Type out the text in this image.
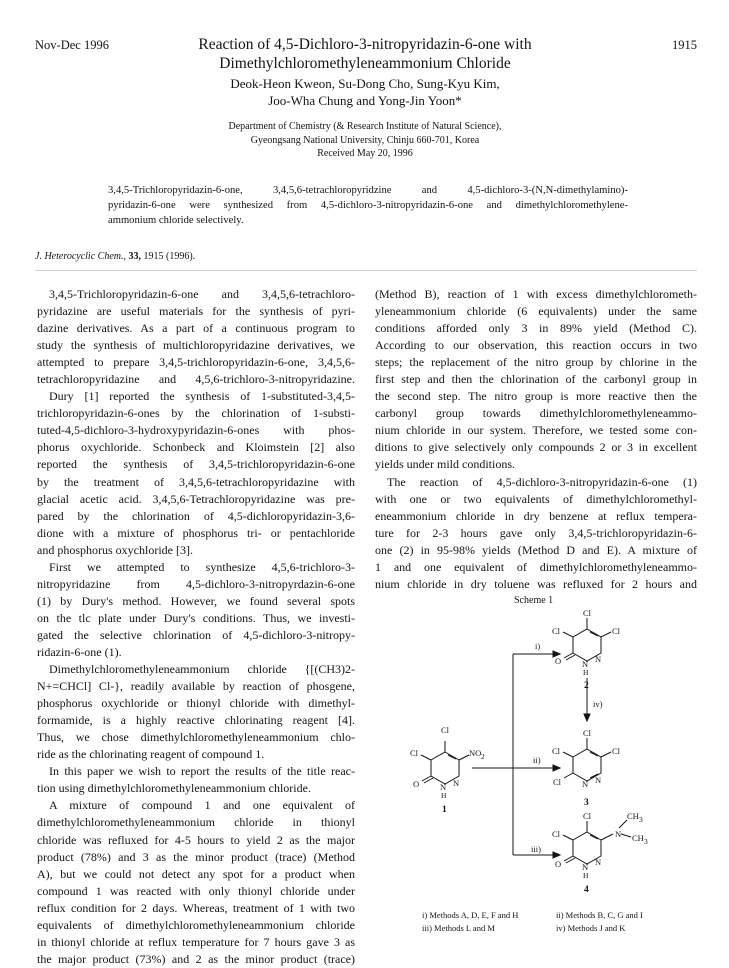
Nov-Dec 1996	1915
Reaction of 4,5-Dichloro-3-nitropyridazin-6-one with
Dimethylchloromethyleneammonium Chloride
Deok-Heon Kweon, Su-Dong Cho, Sung-Kyu Kim,
Joo-Wha Chung and Yong-Jin Yoon*
Department of Chemistry (& Research Institute of Natural Science),
Gyeongsang National University, Chinju 660-701, Korea
Received May 20, 1996
3,4,5-Trichloropyridazin-6-one, 3,4,5,6-tetrachloropyridzine and 4,5-dichloro-3-(N,N-dimethylamino)-
pyridazin-6-one were synthesized from 4,5-dichloro-3-nitropyridazin-6-one and dimethylchloromethylene-
ammonium chloride selectively.
J. Heterocyclic Chem., 33, 1915 (1996).
3,4,5-Trichloropyridazin-6-one and 3,4,5,6-tetrachloro-
pyridazine are useful materials for the synthesis of pyri-
dazine derivatives. As a part of a continuous program to
study the synthesis of multichloropyridazine derivatives, we
attempted to prepare 3,4,5-trichloropyridazin-6-one, 3,4,5,6-
tetrachloropyridazine and 4,5,6-trichloro-3-nitropyridazine.
Dury [1] reported the synthesis of 1-substituted-3,4,5-
trichloropyridazin-6-ones by the chlorination of 1-substi-
tuted-4,5-dichloro-3-hydroxypyridazin-6-ones with phos-
phorus oxychloride. Schonbeck and Kloimstein [2] also
reported the synthesis of 3,4,5-trichloropyridazin-6-one
by the treatment of 3,4,5,6-tetrachloropyridazine with
glacial acetic acid. 3,4,5,6-Tetrachloropyridazine was pre-
pared by the chlorination of 4,5-dichloropyridazin-3,6-
dione with a mixture of phosphorus tri- or pentachloride
and phosphorus oxychloride [3].
First we attempted to synthesize 4,5,6-trichloro-3-
nitropyridazine from 4,5-dichloro-3-nitropyrdazin-6-one
(1) by Dury's method. However, we found several spots
on the tlc plate under Dury's conditions. Thus, we investi-
gated the selective chlorination of 4,5-dichloro-3-nitropy-
ridazin-6-one (1).
Dimethylchloromethyleneammonium chloride {[(CH3)2-
N+=CHCl] Cl-}, readily available by reaction of phosgene,
phosphorus oxychloride or thionyl chloride with dimethyl-
formamide, is a highly reactive chlorinating reagent [4].
Thus, we chose dimethylchloromethyleneammonium chlo-
ride as the chlorinating reagent of compound 1.
In this paper we wish to report the results of the title reac-
tion using dimethylchloromethyleneammonium chloride.
A mixture of compound 1 and one equivalent of
dimethylchloromethyleneammonium chloride in thionyl
chloride was refluxed for 4-5 hours to yield 2 as the major
product (78%) and 3 as the minor product (trace) (Method
A), but we could not detect any spot for a product when
compound 1 was reacted with only thionyl chloride under
reflux condition for 2 days. Whereas, treatment of 1 with two
equivalents of dimethylchloromethyleneammonium chloride
in thionyl chloride at reflux temperature for 7 hours gave 3 as
the major product (73%) and 2 as the minor product (trace)
(Method B), reaction of 1 with excess dimethylchlorometh-
yleneammonium chloride (6 equivalents) under the same
conditions afforded only 3 in 89% yield (Method C).
According to our observation, this reaction occurs in two
steps; the replacement of the nitro group by chlorine in the
first step and then the chlorination of the carbonyl group in
the second step. The nitro group is more reactive then the
carbonyl group towards dimethylchloromethyleneammo-
nium chloride in our system. Therefore, we tested some con-
ditions to give selectively only compounds 2 or 3 in excellent
yields under mild conditions.
The reaction of 4,5-dichloro-3-nitropyridazin-6-one (1)
with one or two equivalents of dimethylchloromethyl-
eneammonium chloride in dry benzene at reflux tempera-
ture for 2-3 hours gave only 3,4,5-trichloropyridazin-6-
one (2) in 95-98% yields (Method D and E). A mixture of
1 and one equivalent of dimethylchloromethyleneammo-
nium chloride in dry toluene was refluxed for 2 hours and
Scheme 1
Cl
Cl	NO 2
O	N
N
H
1
Cl
Cl	Cl
O	N
N
H
2
Cl
Cl	Cl
Cl	N
N
3
Cl
Cl	N
CH 3
CH 3
O	N
N
H
4
i)
ii)
iii)
iv)
i) Methods A, D, E, F and H	ii) Methods B, C, G and I
iii) Methods L and M	iv) Methods J and K
